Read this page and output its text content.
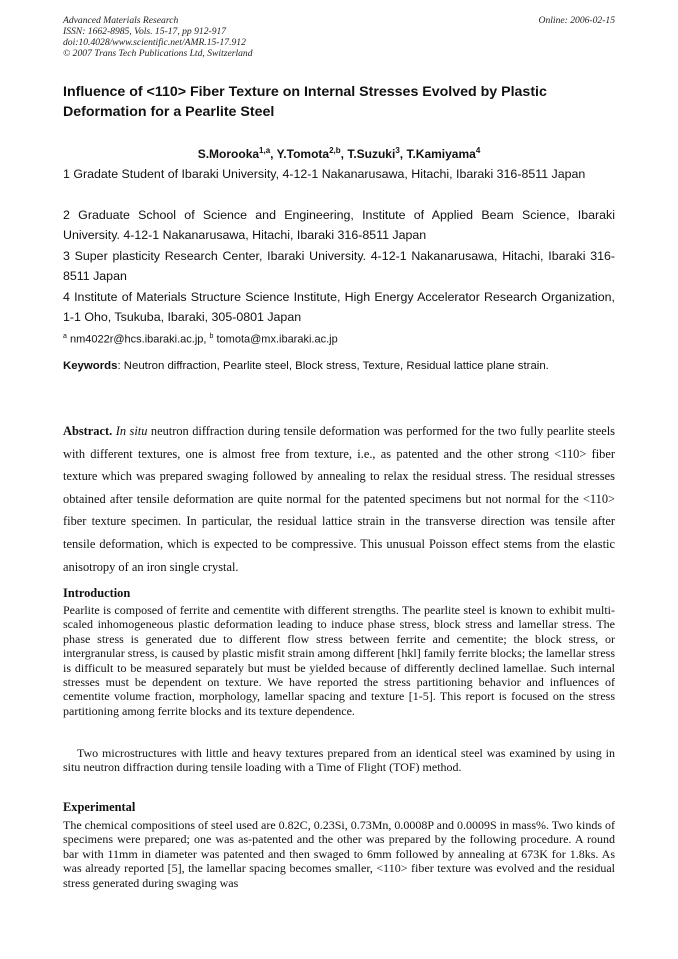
Advanced Materials Research
ISSN: 1662-8985, Vols. 15-17, pp 912-917
doi:10.4028/www.scientific.net/AMR.15-17.912
© 2007 Trans Tech Publications Ltd, Switzerland
Online: 2006-02-15
Influence of <110> Fiber Texture on Internal Stresses Evolved by Plastic Deformation for a Pearlite Steel
S.Morooka$^{1,a}$, Y.Tomota$^{2,b}$, T.Suzuki$^3$, T.Kamiyama$^4$
1 Gradate Student of Ibaraki University, 4-12-1 Nakanarusawa, Hitachi, Ibaraki 316-8511 Japan
2 Graduate School of Science and Engineering, Institute of Applied Beam Science, Ibaraki University. 4-12-1 Nakanarusawa, Hitachi, Ibaraki 316-8511 Japan
3 Super plasticity Research Center, Ibaraki University. 4-12-1 Nakanarusawa, Hitachi, Ibaraki 316-8511 Japan
4 Institute of Materials Structure Science Institute, High Energy Accelerator Research Organization, 1-1 Oho, Tsukuba, Ibaraki, 305-0801 Japan
$^a$ nm4022r@hcs.ibaraki.ac.jp, $^b$ tomota@mx.ibaraki.ac.jp
Keywords: Neutron diffraction, Pearlite steel, Block stress, Texture, Residual lattice plane strain.
Abstract. In situ neutron diffraction during tensile deformation was performed for the two fully pearlite steels with different textures, one is almost free from texture, i.e., as patented and the other strong <110> fiber texture which was prepared swaging followed by annealing to relax the residual stress. The residual stresses obtained after tensile deformation are quite normal for the patented specimens but not normal for the <110> fiber texture specimen. In particular, the residual lattice strain in the transverse direction was tensile after tensile deformation, which is expected to be compressive. This unusual Poisson effect stems from the elastic anisotropy of an iron single crystal.
Introduction
Pearlite is composed of ferrite and cementite with different strengths. The pearlite steel is known to exhibit multi-scaled inhomogeneous plastic deformation leading to induce phase stress, block stress and lamellar stress. The phase stress is generated due to different flow stress between ferrite and cementite; the block stress, or intergranular stress, is caused by plastic misfit strain among different [hkl] family ferrite blocks; the lamellar stress is difficult to be measured separately but must be yielded because of differently declined lamellae. Such internal stresses must be dependent on texture. We have reported the stress partitioning behavior and influences of cementite volume fraction, morphology, lamellar spacing and texture [1-5]. This report is focused on the stress partitioning among ferrite blocks and its texture dependence.
Two microstructures with little and heavy textures prepared from an identical steel was examined by using in situ neutron diffraction during tensile loading with a Time of Flight (TOF) method.
Experimental
The chemical compositions of steel used are 0.82C, 0.23Si, 0.73Mn, 0.0008P and 0.0009S in mass%. Two kinds of specimens were prepared; one was as-patented and the other was prepared by the following procedure. A round bar with 11mm in diameter was patented and then swaged to 6mm followed by annealing at 673K for 1.8ks. As was already reported [5], the lamellar spacing becomes smaller, <110> fiber texture was evolved and the residual stress generated during swaging was
